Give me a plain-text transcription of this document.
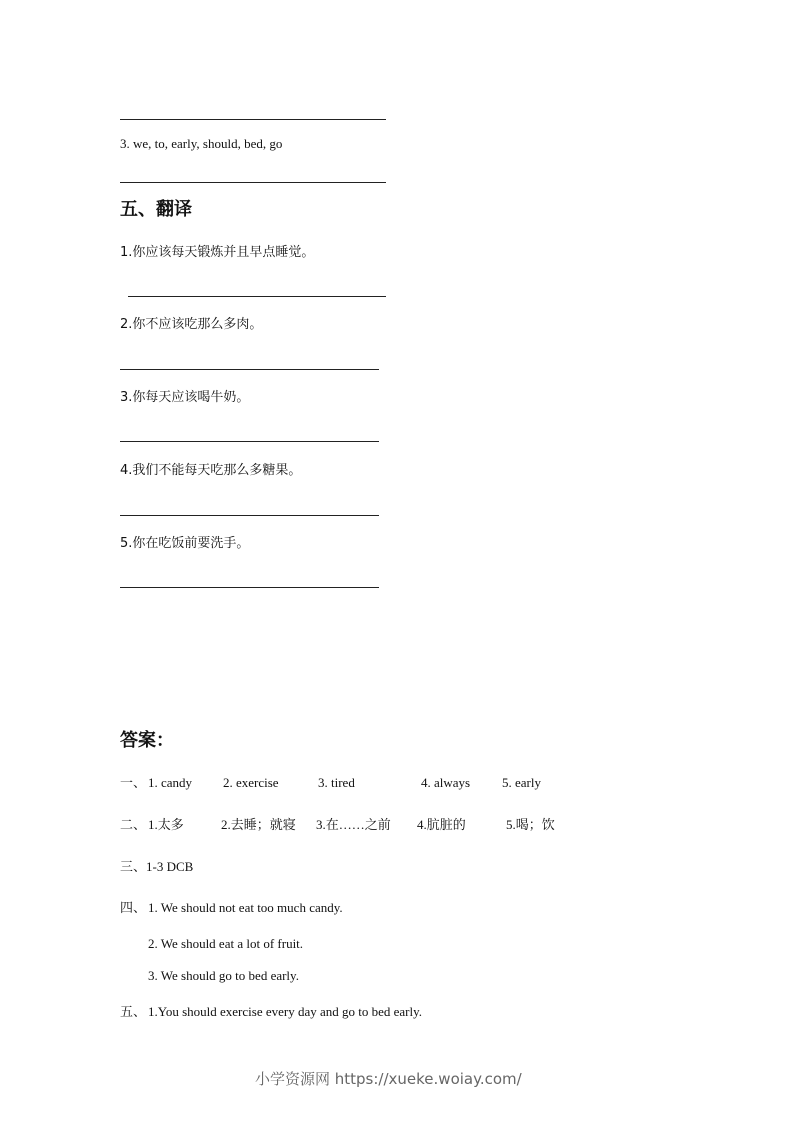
3. we, to, early, should, bed, go
五、翻译
1.你应该每天锻炼并且早点睡觉。
2.你不应该吃那么多肉。
3.你每天应该喝牛奶。
4.我们不能每天吃那么多糖果。
5.你在吃饭前要洗手。
答案：
一、 1. candy 2. exercise	3. tired	4. always 5. early
二、 1.太多	2.去睡；就寝 3.在……之前 4.肮脏的	5.喝；饮
三、1-3 DCB
四、 1. We should not eat too much candy.
2. We should eat a lot of fruit.
3. We should go to bed early.
五、 1.You should exercise every day and go to bed early.
小学资源网 https://xueke.woiay.com/
